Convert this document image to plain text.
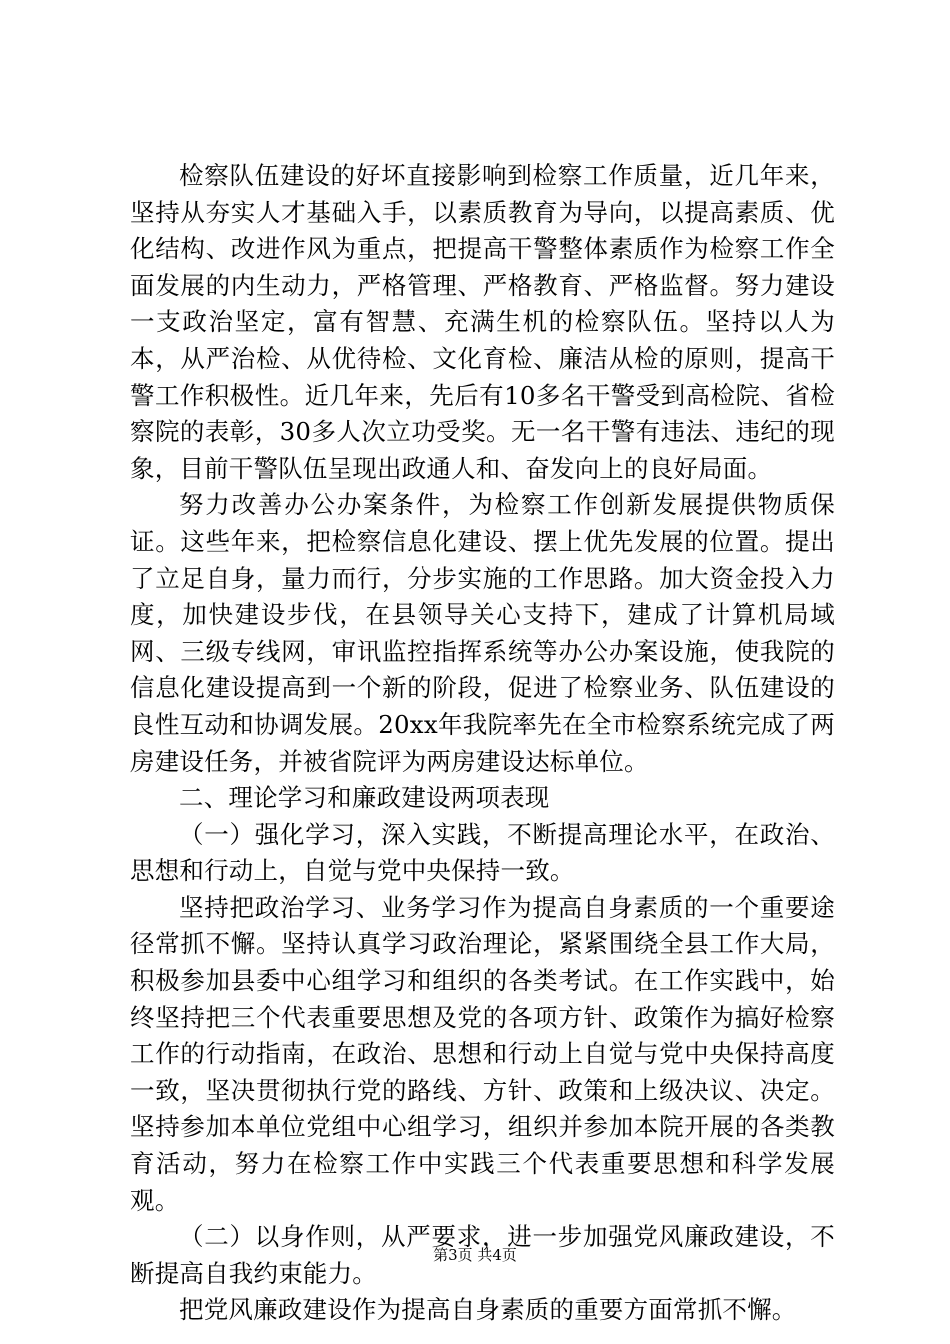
检察队伍建设的好坏直接影响到检察工作质量，近几年来，坚持从夯实人才基础入手，以素质教育为导向，以提高素质、优化结构、改进作风为重点，把提高干警整体素质作为检察工作全面发展的内生动力，严格管理、严格教育、严格监督。努力建设一支政治坚定，富有智慧、充满生机的检察队伍。坚持以人为本，从严治检、从优待检、文化育检、廉洁从检的原则，提高干警工作积极性。近几年来，先后有10多名干警受到高检院、省检察院的表彰，30多人次立功受奖。无一名干警有违法、违纪的现象，目前干警队伍呈现出政通人和、奋发向上的良好局面。

努力改善办公办案条件，为检察工作创新发展提供物质保证。这些年来，把检察信息化建设、摆上优先发展的位置。提出了立足自身，量力而行，分步实施的工作思路。加大资金投入力度，加快建设步伐，在县领导关心支持下，建成了计算机局域网、三级专线网，审讯监控指挥系统等办公办案设施，使我院的信息化建设提高到一个新的阶段，促进了检察业务、队伍建设的良性互动和协调发展。20xx年我院率先在全市检察系统完成了两房建设任务，并被省院评为两房建设达标单位。

二、理论学习和廉政建设两项表现

（一）强化学习，深入实践，不断提高理论水平，在政治、思想和行动上，自觉与党中央保持一致。

坚持把政治学习、业务学习作为提高自身素质的一个重要途径常抓不懈。坚持认真学习政治理论，紧紧围绕全县工作大局，积极参加县委中心组学习和组织的各类考试。在工作实践中，始终坚持把三个代表重要思想及党的各项方针、政策作为搞好检察工作的行动指南，在政治、思想和行动上自觉与党中央保持高度一致，坚决贯彻执行党的路线、方针、政策和上级决议、决定。坚持参加本单位党组中心组学习，组织并参加本院开展的各类教育活动，努力在检察工作中实践三个代表重要思想和科学发展观。

（二）以身作则，从严要求，进一步加强党风廉政建设，不断提高自我约束能力。

把党风廉政建设作为提高自身素质的重要方面常抓不懈。

第3页 共4页
